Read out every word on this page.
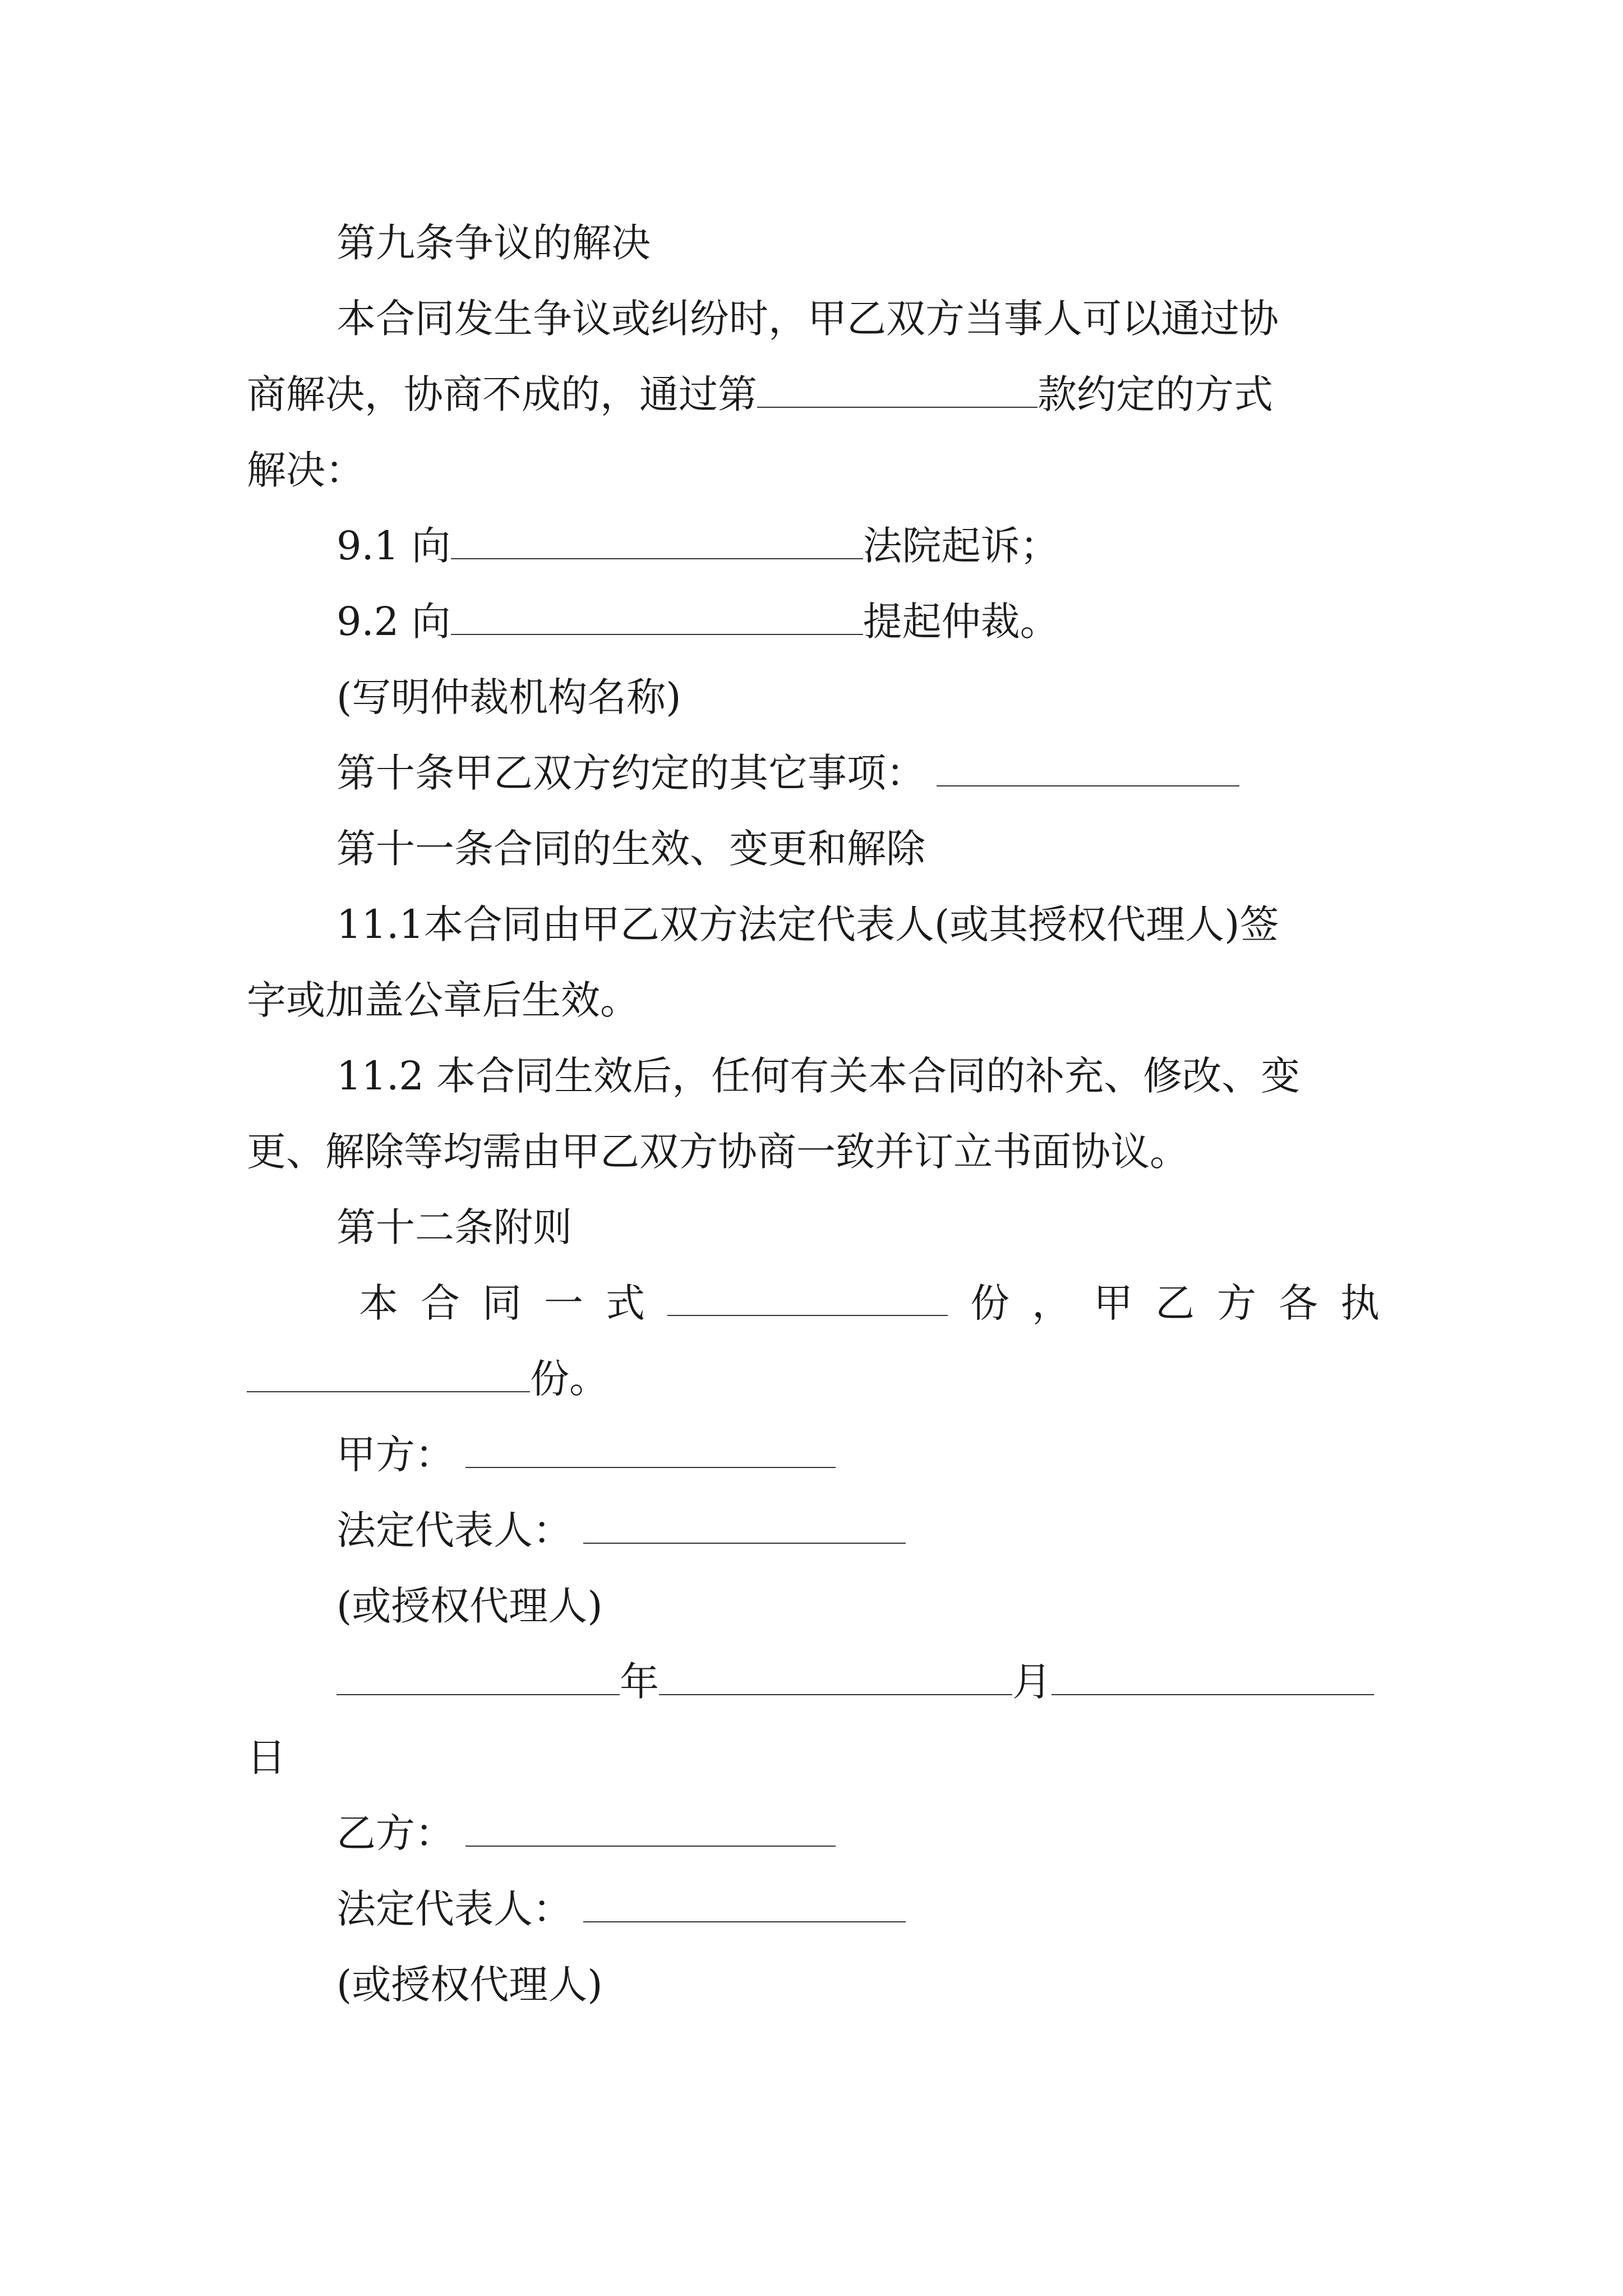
第九条争议的解决
本合同发生争议或纠纷时，甲乙双方当事人可以通过协
商解决，协商不成的，通过第	款约定的方式
解决：
9.1 向	法院起诉；
9.2 向	提起仲裁。
(写明仲裁机构名称)
第十条甲乙双方约定的其它事项：
第十一条合同的生效、变更和解除
11.1本合同由甲乙双方法定代表人(或其授权代理人)签
字或加盖公章后生效。
11.2 本合同生效后，任何有关本合同的补充、修改、变
更、解除等均需由甲乙双方协商一致并订立书面协议。
第十二条附则
本 合 同 一 式	份 ， 甲 乙 方 各 执
份。
甲方：
法定代表人：
(或授权代理人)
年	月
日
乙方：
法定代表人：
(或授权代理人)
